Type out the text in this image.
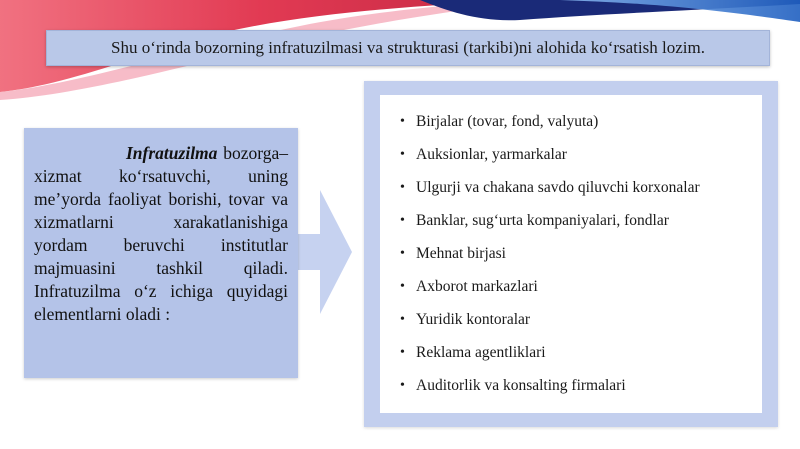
Shu o‘rinda bozorning infratuzilmasi va strukturasi (tarkibi)ni alohida ko‘rsatish lozim.
Infratuzilma	–
bozorga xizmat ko‘rsatuvchi, uning me’yorda faoliyat borishi, tovar va xizmatlarni xarakatlanishiga yordam beruvchi institutlar majmuasini tashkil qiladi. Infratuzilma o‘z ichiga quyidagi elementlarni oladi :
• Birjalar (tovar, fond, valyuta)
• Auksionlar, yarmarkalar
• Ulgurji va chakana savdo qiluvchi korxonalar
• Banklar, sug‘urta kompaniyalari, fondlar
• Mehnat birjasi
• Axborot markazlari
• Yuridik kontoralar
• Reklama agentliklari
• Auditorlik va konsalting firmalari
